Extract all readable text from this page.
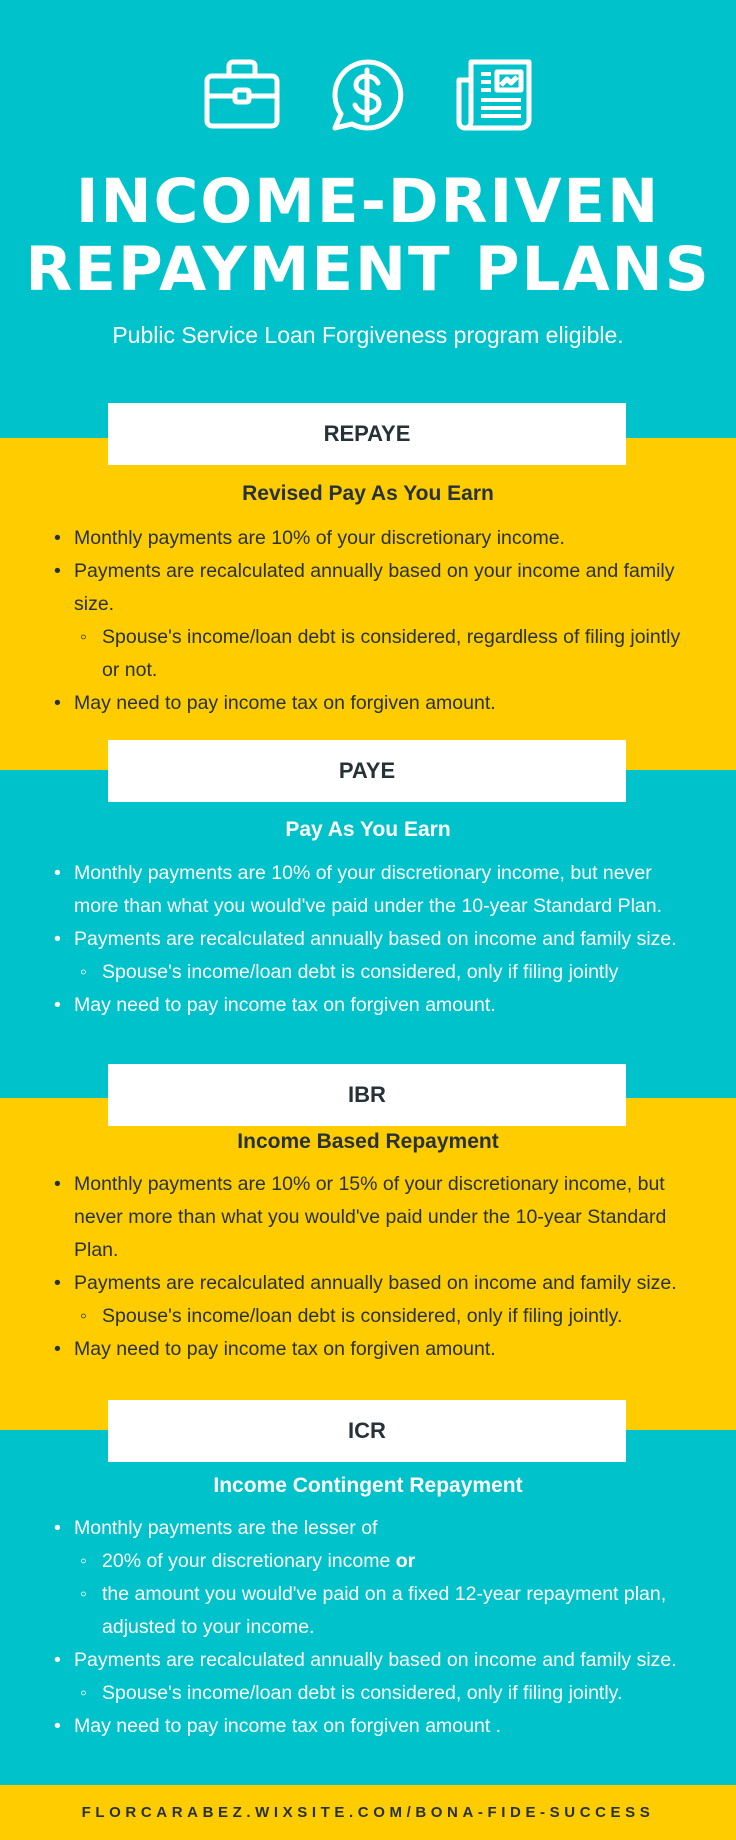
INCOME-DRIVEN
REPAYMENT PLANS
Public Service Loan Forgiveness program eligible.
REPAYE
Revised Pay As You Earn
• Monthly payments are 10% of your discretionary income.
• Payments are recalculated annually based on your income and family size.
◦ Spouse's income/loan debt is considered, regardless of filing jointly or not.
• May need to pay income tax on forgiven amount.
PAYE
Pay As You Earn
• Monthly payments are 10% of your discretionary income, but never more than what you would've paid under the 10-year Standard Plan.
• Payments are recalculated annually based on income and family size.
◦ Spouse's income/loan debt is considered, only if filing jointly
• May need to pay income tax on forgiven amount.
IBR
Income Based Repayment
• Monthly payments are 10% or 15% of your discretionary income, but never more than what you would've paid under the 10-year Standard Plan.
• Payments are recalculated annually based on income and family size.
◦ Spouse's income/loan debt is considered, only if filing jointly.
• May need to pay income tax on forgiven amount.
ICR
Income Contingent Repayment
• Monthly payments are the lesser of
◦ 20% of your discretionary income or
◦ the amount you would've paid on a fixed 12-year repayment plan, adjusted to your income.
• Payments are recalculated annually based on income and family size.
◦ Spouse's income/loan debt is considered, only if filing jointly.
• May need to pay income tax on forgiven amount .
FLORCARABEZ.WIXSITE.COM/BONA-FIDE-SUCCESS
